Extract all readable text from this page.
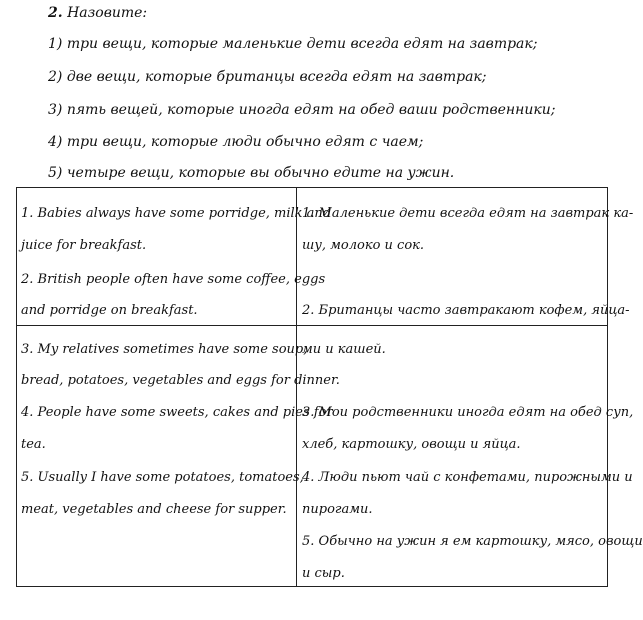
2. Назовите:
1) три вещи, которые маленькие дети всегда едят на завтрак;
2) две вещи, которые британцы всегда едят на завтрак;
3) пять вещей, которые иногда едят на обед ваши родственники;
4) три вещи, которые люди обычно едят с чаем;
5) четыре вещи, которые вы обычно едите на ужин.
1. Babies always have some porridge, milk and
juice for breakfast.
2. British people often have some coffee, eggs
and porridge on breakfast.
3. My relatives sometimes have some soup,
bread, potatoes, vegetables and eggs for dinner.
4. People have some sweets, cakes and pies for
tea.
5. Usually I have some potatoes, tomatoes,
meat, vegetables and cheese for supper.
1. Маленькие дети всегда едят на завтрак ка-
шу, молоко и сок.
2. Британцы часто завтракают кофем, яйца-
ми и кашей.
3. Мои родственники иногда едят на обед суп,
хлеб, картошку, овощи и яйца.
4. Люди пьют чай с конфетами, пирожными и
пирогами.
5. Обычно на ужин я ем картошку, мясо, овощи
и сыр.
